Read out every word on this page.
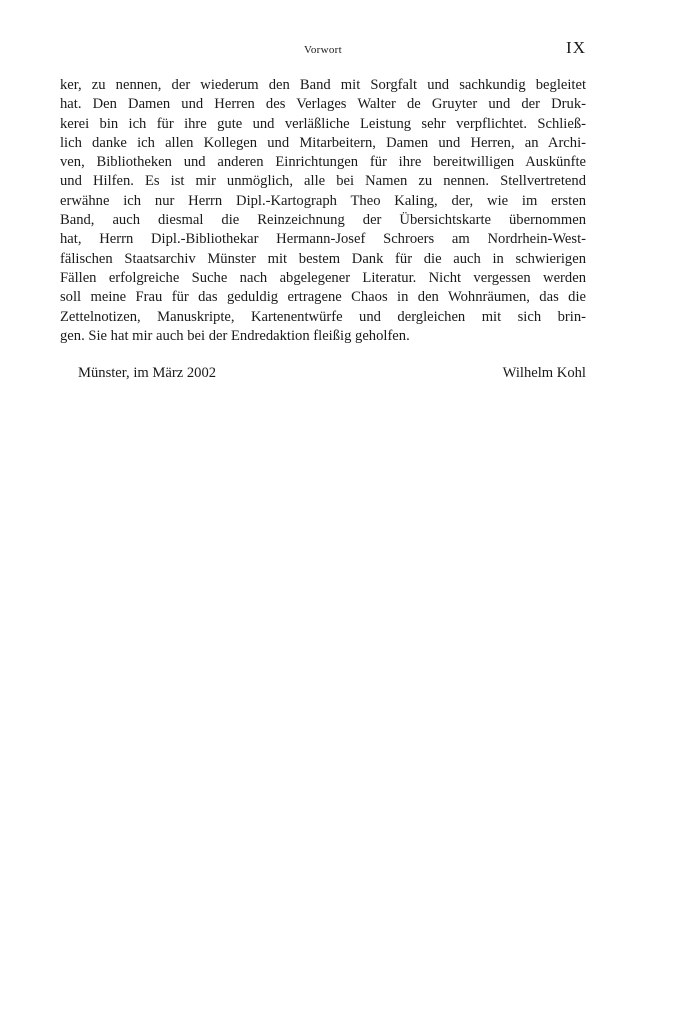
Vorwort	IX
ker, zu nennen, der wiederum den Band mit Sorgfalt und sachkundig begleitet
hat. Den Damen und Herren des Verlages Walter de Gruyter und der Druk-
kerei bin ich für ihre gute und verläßliche Leistung sehr verpflichtet. Schließ-
lich danke ich allen Kollegen und Mitarbeitern, Damen und Herren, an Archi-
ven, Bibliotheken und anderen Einrichtungen für ihre bereitwilligen Auskünfte
und Hilfen. Es ist mir unmöglich, alle bei Namen zu nennen. Stellvertretend
erwähne ich nur Herrn Dipl.-Kartograph Theo Kaling, der, wie im ersten
Band, auch diesmal die Reinzeichnung der Übersichtskarte übernommen
hat, Herrn Dipl.-Bibliothekar Hermann-Josef Schroers am Nordrhein-West-
fälischen Staatsarchiv Münster mit bestem Dank für die auch in schwierigen
Fällen erfolgreiche Suche nach abgelegener Literatur. Nicht vergessen werden
soll meine Frau für das geduldig ertragene Chaos in den Wohnräumen, das die
Zettelnotizen, Manuskripte, Kartenentwürfe und dergleichen mit sich brin-
gen. Sie hat mir auch bei der Endredaktion fleißig geholfen.
Münster, im März 2002	Wilhelm Kohl
